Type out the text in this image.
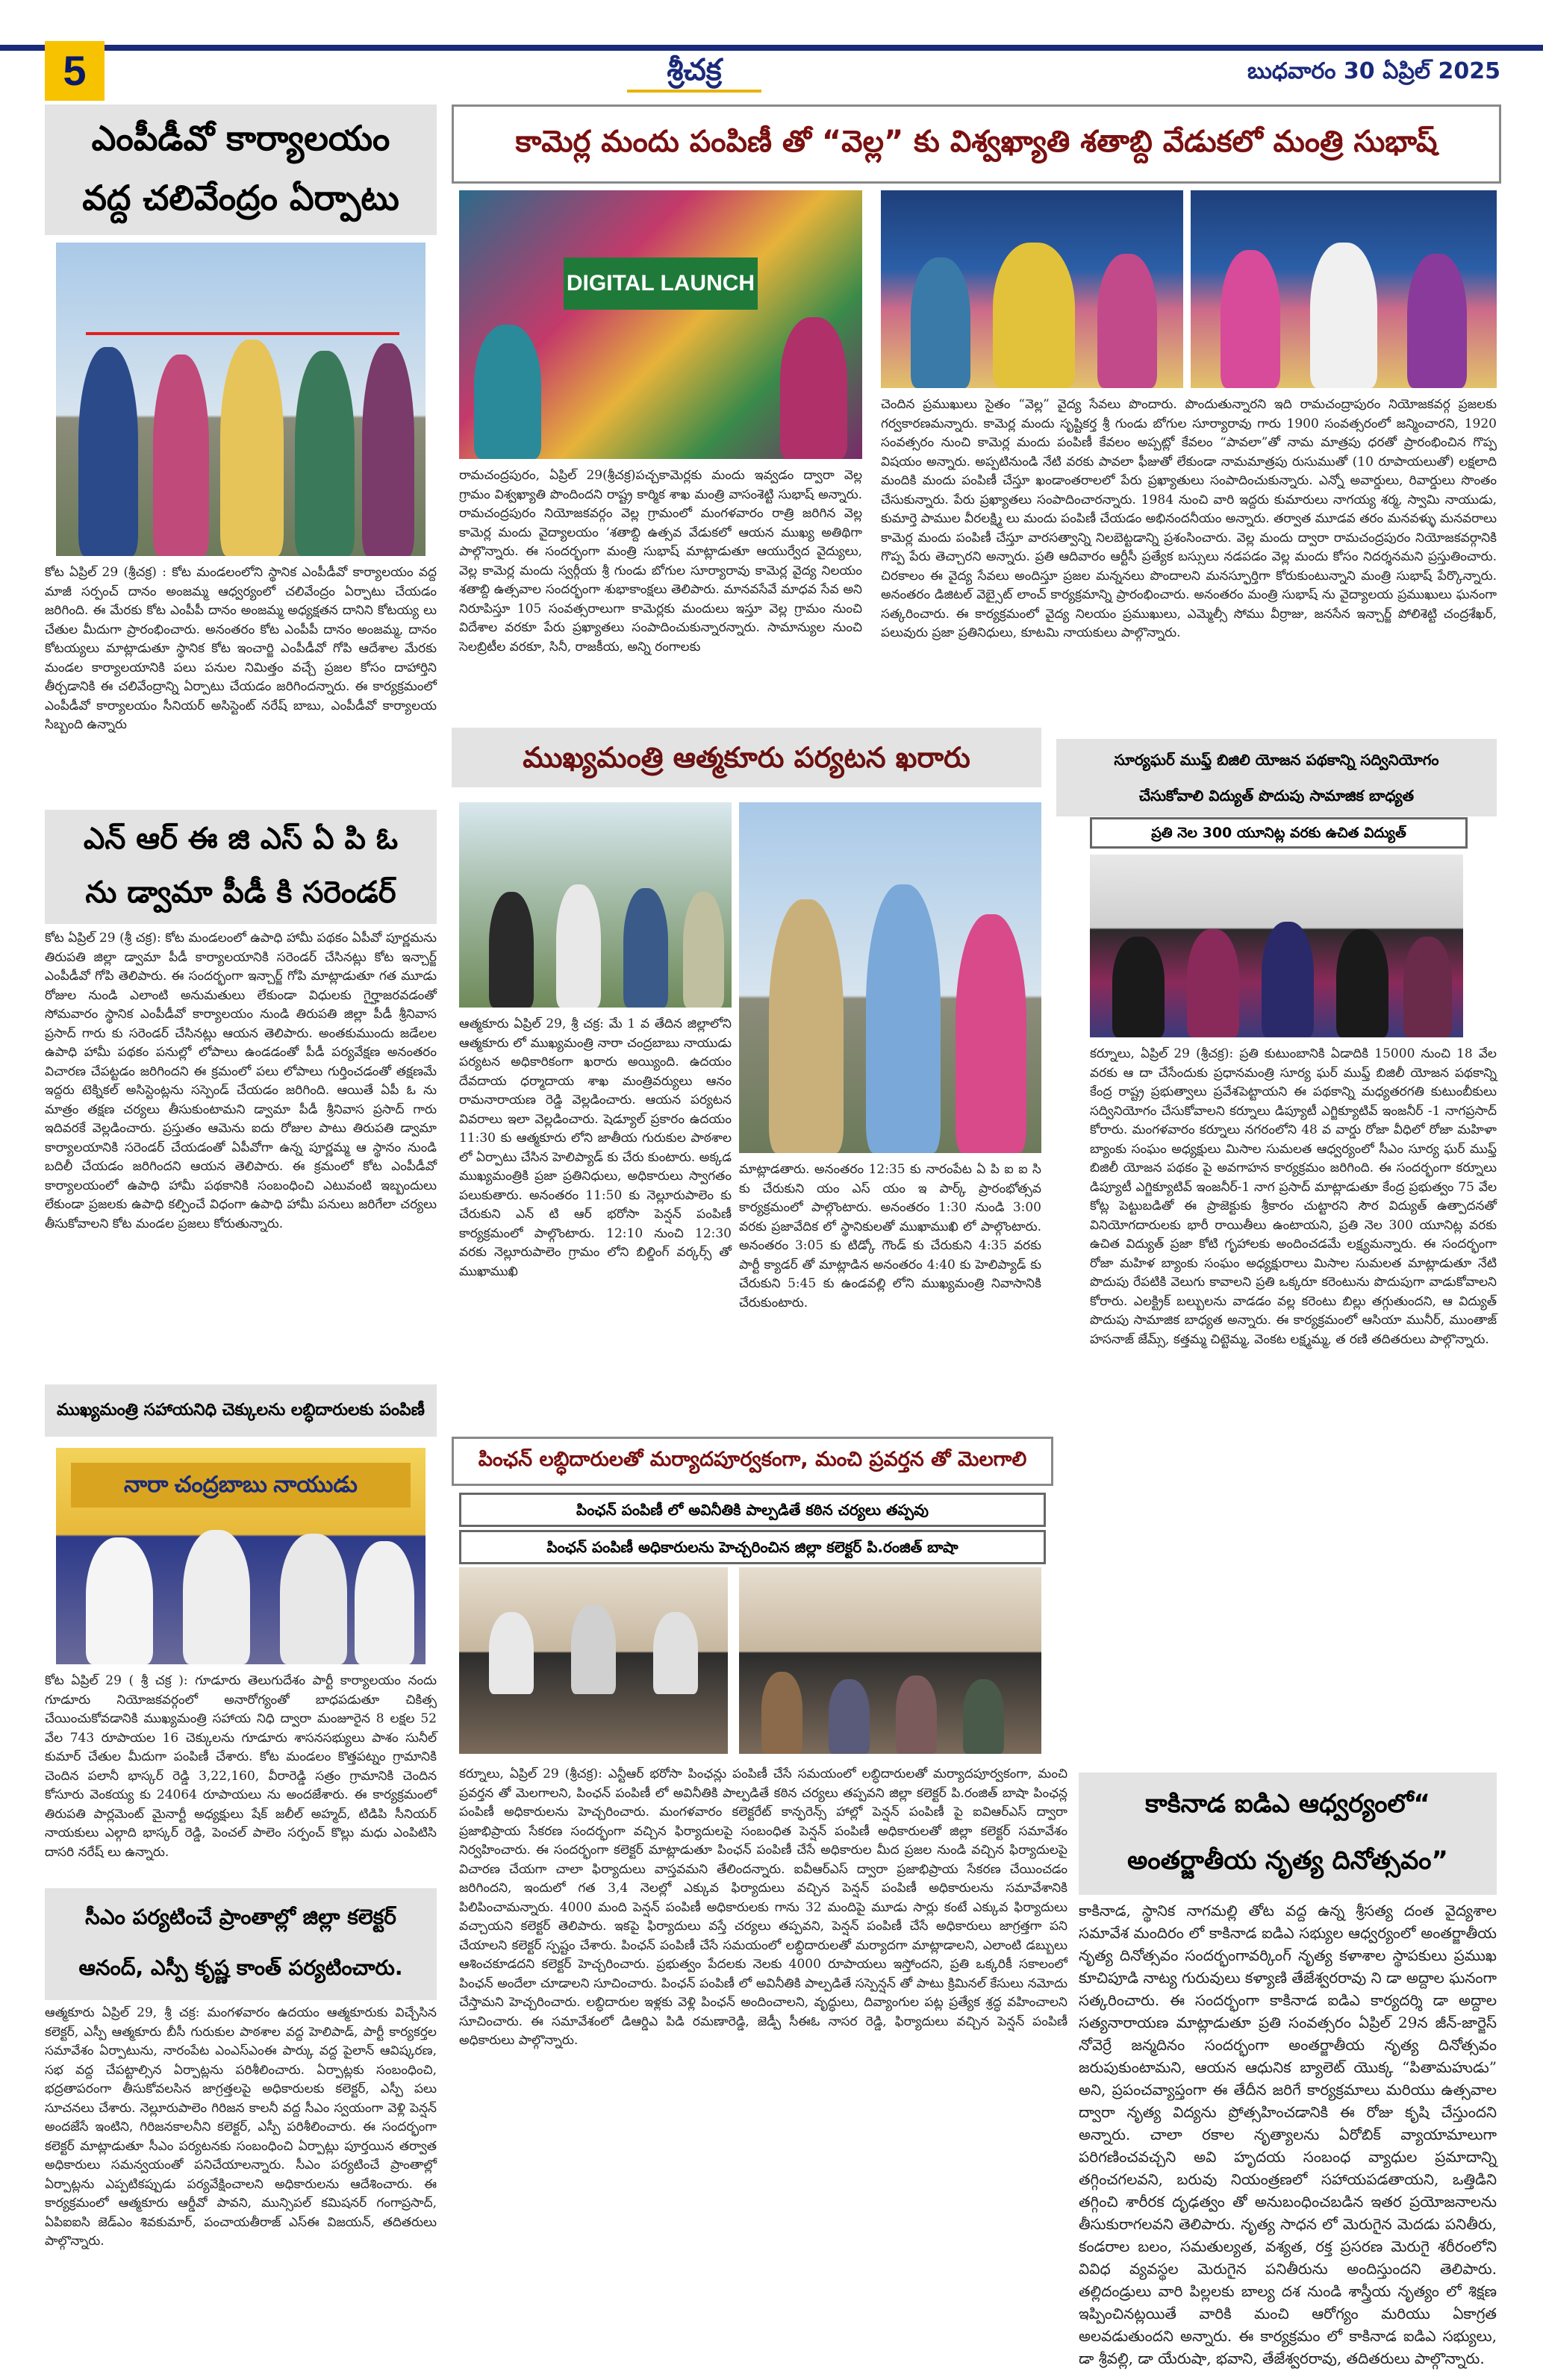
5	శ్రీచక్ర	బుధవారం 30 ఏప్రిల్ 2025
ఎంపీడీవో కార్యాలయం
వద్ద చలివేంద్రం ఏర్పాటు
కోట ఏప్రిల్ 29 (శ్రీచక్ర) : కోట మండలంలోని స్థానిక ఎంపీడీవో కార్యాలయం వద్ద మాజీ సర్పంచ్ దానం అంజమ్మ ఆధ్వర్యంలో చలివేంద్రం ఏర్పాటు చేయడం జరిగింది. ఈ మేరకు కోట ఎంపీపీ దానం అంజమ్మ అధ్యక్షతన దానిని కోటయ్య లు చేతుల మీదుగా ప్రారంభించారు. అనంతరం కోట ఎంపీపీ దానం అంజమ్మ, దానం కోటయ్యలు మాట్లాడుతూ స్థానిక కోట ఇంచార్జి ఎంపీడీవో గోపి ఆదేశాల మేరకు మండల కార్యాలయానికి పలు పనుల నిమిత్తం వచ్చే ప్రజల కోసం దాహార్తిని తీర్చడానికి ఈ చలివేంద్రాన్ని ఏర్పాటు చేయడం జరిగిందన్నారు. ఈ కార్యక్రమంలో ఎంపీడీవో కార్యాలయం సీనియర్ అసిస్టెంట్ నరేష్ బాబు, ఎంపీడీవో కార్యాలయ సిబ్బంది ఉన్నారు
ఎన్ ఆర్ ఈ జి ఎస్ ఏ పి ఓ
ను డ్వామా పీడీ కి సరెండర్
కోట ఏప్రిల్ 29 (శ్రీ చక్ర): కోట మండలంలో ఉపాధి హామీ పథకం ఏపీవో పూర్ణమను తిరుపతి జిల్లా డ్వామా పీడీ కార్యాలయానికి సరెండర్ చేసినట్లు కోట ఇన్చార్జ్ ఎంపీడీవో గోపి తెలిపారు. ఈ సందర్భంగా ఇన్చార్జ్ గోపి మాట్లాడుతూ గత మూడు రోజుల నుండి ఎలాంటి అనుమతులు లేకుండా విధులకు గైర్హాజరవడంతో సోమవారం స్థానిక ఎంపీడీవో కార్యాలయం నుండి తిరుపతి జిల్లా పీడీ శ్రీనివాస ప్రసాద్ గారు కు సరెండర్ చేసినట్లు ఆయన తెలిపారు. అంతకుముందు జడేలల ఉపాధి హామీ పథకం పనుల్లో లోపాలు ఉండడంతో పీడీ పర్యవేక్షణ అనంతరం విచారణ చేపట్టడం జరిగిందని ఈ క్రమంలో పలు లోపాలు గుర్తించడంతో తక్షణమే ఇద్దరు టెక్నికల్ అసిస్టెంట్లను సస్పెండ్ చేయడం జరిగింది. ఆయితే ఏపీ ఓ ను మాత్రం తక్షణ చర్యలు తీసుకుంటామని డ్వామా పీడీ శ్రీనివాస ప్రసాద్ గారు ఇదివరకే వెల్లడించారు. ప్రస్తుతం ఆమెను ఐదు రోజుల పాటు తిరుపతి డ్వామా కార్యాలయానికి సరెండర్ చేయడంతో ఏపీవోగా ఉన్న పూర్ణమ్మ ఆ స్థానం నుండి బదిలీ చేయడం జరిగిందని ఆయన తెలిపారు. ఈ క్రమంలో కోట ఎంపీడీవో కార్యాలయంలో ఉపాధి హామీ పథకానికి సంబంధించి ఎటువంటి ఇబ్బందులు లేకుండా ప్రజలకు ఉపాధి కల్పించే విధంగా ఉపాధి హామీ పనులు జరిగేలా చర్యలు తీసుకోవాలని కోట మండల ప్రజలు కోరుతున్నారు.
ముఖ్యమంత్రి సహాయనిధి చెక్కులను లబ్ధిదారులకు పంపిణీ
నారా చంద్రబాబు నాయుడు
కోట ఏప్రిల్ 29 ( శ్రీ చక్ర ): గూడూరు తెలుగుదేశం పార్టీ కార్యాలయం నందు గూడూరు నియోజకవర్గంలో అనారోగ్యంతో బాధపడుతూ చికిత్స చేయించుకోవడానికి ముఖ్యమంత్రి సహాయ నిధి ద్వారా మంజూరైన 8 లక్షల 52 వేల 743 రూపాయల 16 చెక్కులను గూడూరు శాసనసభ్యులు పాశం సునీల్ కుమార్ చేతుల మీదుగా పంపిణీ చేశారు. కోట మండలం కొత్తపట్నం గ్రామానికి చెందిన పలానీ భాస్కర్ రెడ్డి 3,22,160, వీరారెడ్డి సత్రం గ్రామానికి చెందిన కోసూరు వెంకయ్య కు 24064 రూపాయలు ను అందజేశారు. ఈ కార్యక్రమంలో తిరుపతి పార్లమెంట్ మైనార్టీ అధ్యక్షులు షేక్ జలీల్ అహ్మద్, టిడిపి సీనియర్ నాయకులు ఎల్గాది భాస్కర్ రెడ్డి, పెంచల్ పాలెం సర్పంచ్ కొల్లు మధు ఎంపిటిసి దాసరి నరేష్ లు ఉన్నారు.
సీఎం పర్యటించే ప్రాంతాల్లో జిల్లా కలెక్టర్
ఆనంద్, ఎస్పీ కృష్ణ కాంత్ పర్యటించారు.
ఆత్మకూరు ఏప్రిల్ 29, శ్రీ చక్ర: మంగళవారం ఉదయం ఆత్మకూరుకు విచ్చేసిన కలెక్టర్, ఎస్పీ ఆత్మకూరు బీసీ గురుకుల పాఠశాల వద్ద హెలిపాడ్, పార్టీ కార్యకర్తల సమావేశం ఏర్పాటును, నారంపేట ఎంఎస్ఎంఈ పార్కు వద్ద పైలాన్ ఆవిష్కరణ, సభ వద్ద చేపట్టాల్సిన ఏర్పాట్లను పరిశీలించారు. ఏర్పాట్లకు సంబంధించి, భద్రతాపరంగా తీసుకోవలసిన జాగ్రత్తలపై అధికారులకు కలెక్టర్, ఎస్పీ పలు సూచనలు చేశారు. నెల్లూరుపాలెం గిరిజన కాలనీ వద్ద సీఎం స్వయంగా వెళ్లి పెన్షన్ అందజేసే ఇంటిని, గిరిజనకాలనీని కలెక్టర్, ఎస్పీ పరిశీలించారు. ఈ సందర్భంగా కలెక్టర్ మాట్లాడుతూ సీఎం పర్యటనకు సంబంధించి ఏర్పాట్లు పూర్తయిన తర్వాత అధికారులు సమన్వయంతో పనిచేయాలన్నారు. సీఎం పర్యటించే ప్రాంతాల్లో ఏర్పాట్లను ఎప్పటికప్పుడు పర్యవేక్షించాలని అధికారులను ఆదేశించారు. ఈ కార్యక్రమంలో ఆత్మకూరు ఆర్డీవో పావని, మున్సిపల్ కమిషనర్ గంగాప్రసాద్, ఏపిఐఐసి జెడ్ఎం శివకుమార్, పంచాయతీరాజ్ ఎస్ఈ విజయన్, తదితరులు పాల్గొన్నారు.
కామెర్ల మందు పంపిణీ తో “వెల్ల” కు విశ్వఖ్యాతి శతాబ్ది వేడుకలో మంత్రి సుభాష్
DIGITAL LAUNCH
రామచంద్రపురం, ఏప్రిల్ 29(శ్రీచక్ర)పచ్చకామెర్లకు మందు ఇవ్వడం ద్వారా వెల్ల గ్రామం విశ్వఖ్యాతి పొందిందని రాష్ట్ర కార్మిక శాఖ మంత్రి వాసంశెట్టి సుభాష్ అన్నారు. రామచంద్రపురం నియోజకవర్గం వెల్ల గ్రామంలో మంగళవారం రాత్రి జరిగిన వెల్ల కామెర్ల మందు వైద్యాలయం ‘శతాబ్ది ఉత్సవ వేడుకలో ఆయన ముఖ్య అతిథిగా పాల్గొన్నారు. ఈ సందర్భంగా మంత్రి సుభాష్ మాట్లాడుతూ ఆయుర్వేద వైద్యులు, వెల్ల కామెర్ల మందు స్వర్గీయ శ్రీ గుండు బోగుల సూర్యారావు కామెర్ల వైద్య నిలయం శతాబ్ది ఉత్సవాల సందర్భంగా శుభాకాంక్షలు తెలిపారు. మానవసేవే మాధవ సేవ అని నిరూపిస్తూ 105 సంవత్సరాలుగా కామెర్లకు మందులు ఇస్తూ వెల్ల గ్రామం నుంచి విదేశాల వరకూ పేరు ప్రఖ్యాతలు సంపాదించుకున్నారన్నారు. సామాన్యుల నుంచి సెలబ్రిటీల వరకూ, సినీ, రాజకీయ, అన్ని రంగాలకు
చెందిన ప్రముఖులు సైతం “వెల్ల” వైద్య సేవలు పొందారు. పొందుతున్నారని ఇది రామచంద్రాపురం నియోజకవర్గ ప్రజలకు గర్వకారణమన్నారు. కామెర్ల మందు సృష్టికర్త శ్రీ గుండు బోగుల సూర్యారావు గారు 1900 సంవత్సరంలో జన్మించారని, 1920 సంవత్సరం నుంచి కామెర్ల మందు పంపిణీ కేవలం అప్పట్లో కేవలం “పావలా”తో నామ మాత్రపు ధరతో ప్రారంభించిన గొప్ప విషయం అన్నారు. అప్పటినుండి నేటి వరకు పావలా ఫీజుతో లేకుండా నామమాత్రపు రుసుముతో (10 రూపాయలుతో) లక్షలాది మందికి మందు పంపిణీ చేస్తూ ఖండాంతరాలలో పేరు ప్రఖ్యాతులు సంపాదించుకున్నారు. ఎన్నో అవార్డులు, రివార్డులు సొంతం చేసుకున్నారు. పేరు ప్రఖ్యాతలు సంపాదించారన్నారు. 1984 నుంచి వారి ఇద్దరు కుమారులు నాగయ్య శర్మ, స్వామి నాయుడు, కుమార్తె పాముల వీరలక్ష్మి లు మందు పంపిణీ చేయడం అభినందనీయం అన్నారు. తర్వాత మూడవ తరం మనవళ్ళు మనవరాలు కామెర్ల మందు పంపిణీ చేస్తూ వారసత్వాన్ని నిలబెట్టడాన్ని ప్రశంసించారు. వెల్ల మందు ద్వారా రామచంద్రపురం నియోజకవర్గానికి గొప్ప పేరు తెచ్చారని అన్నారు. ప్రతి ఆదివారం ఆర్టీసీ ప్రత్యేక బస్సులు నడపడం వెల్ల మందు కోసం నిదర్శనమని ప్రస్తుతించారు. చిరకాలం ఈ వైద్య సేవలు అందిస్తూ ప్రజల మన్ననలు పొందాలని మనస్ఫూర్తిగా కోరుకుంటున్నాని మంత్రి సుభాష్ పేర్కొన్నారు. అనంతరం డిజిటల్ వెబ్సైట్ లాంచ్ కార్యక్రమాన్ని ప్రారంభించారు. అనంతరం మంత్రి సుభాష్ ను వైద్యాలయ ప్రముఖులు ఘనంగా సత్కరించారు. ఈ కార్యక్రమంలో వైద్య నిలయం ప్రముఖులు, ఎమ్మెల్సీ సోము వీర్రాజు, జనసేన ఇన్చార్జ్ పోలిశెట్టి చంద్రశేఖర్, పలువురు ప్రజా ప్రతినిధులు, కూటమి నాయకులు పాల్గొన్నారు.
ముఖ్యమంత్రి ఆత్మకూరు పర్యటన ఖరారు
ఆత్మకూరు ఏప్రిల్ 29, శ్రీ చక్ర: మే 1 వ తేదిన జిల్లాలోని ఆత్మకూరు లో ముఖ్యమంత్రి నారా చంద్రబాబు నాయుడు పర్యటన అధికారికంగా ఖరారు అయ్యింది. ఉదయం దేవదాయ ధర్మాదాయ శాఖ మంత్రివర్యులు ఆనం రామనారాయణ రెడ్డి వెల్లడించారు. ఆయన పర్యటన వివరాలు ఇలా వెల్లడించారు. షెడ్యూల్ ప్రకారం ఉదయం 11:30 కు ఆత్మకూరు లోని జాతీయ గురుకుల పాఠశాల లో ఏర్పాటు చేసిన హెలిప్యాడ్ కు చేరు కుంటారు. అక్కడ ముఖ్యమంత్రికి ప్రజా ప్రతినిధులు, అధికారులు స్వాగతం పలుకుతారు. అనంతరం 11:50 కు నెల్లూరుపాలెం కు చేరుకుని ఎన్ టి ఆర్ భరోసా పెన్షన్ పంపిణీ కార్యక్రమంలో పాల్గొంటారు. 12:10 నుంచి 12:30 వరకు నెల్లూరుపాలెం గ్రామం లోని బిల్డింగ్ వర్కర్స్ తో ముఖాముఖి
మాట్లాడతారు. అనంతరం 12:35 కు నారంపేట ఏ పి ఐ ఐ సి కు చేరుకుని యం ఎస్ యం ఇ పార్క్ ప్రారంభోత్సవ కార్యక్రమంలో పాల్గొంటారు. అనంతరం 1:30 నుండి 3:00 వరకు ప్రజావేదిక లో స్థానికులతో ముఖాముఖి లో పాల్గొంటారు. అనంతరం 3:05 కు టిడ్కో గౌండ్ కు చేరుకుని 4:35 వరకు పార్టీ క్యాడర్ తో మాట్లాడిన అనంతరం 4:40 కు హెలిప్యాడ్ కు చేరుకుని 5:45 కు ఉండవల్లి లోని ముఖ్యమంత్రి నివాసానికి చేరుకుంటారు.
సూర్యఘర్ ముఫ్త్ బిజిలి యోజన పథకాన్ని సద్వినియోగం
చేసుకోవాలి విద్యుత్ పొదుపు సామాజిక బాధ్యత
ప్రతి నెల 300 యూనిట్ల వరకు ఉచిత విద్యుత్
కర్నూలు, ఏప్రిల్ 29 (శ్రీచక్ర): ప్రతి కుటుంబానికి ఏడాదికి 15000 నుంచి 18 వేల వరకు ఆ దా చేసేందుకు ప్రధానమంత్రి సూర్య ఘర్ ముఫ్త్ బిజిలీ యోజన పథకాన్ని కేంద్ర రాష్ట్ర ప్రభుత్వాలు ప్రవేశపెట్టాయని ఈ పథకాన్ని మధ్యతరగతి కుటుంబీకులు సద్వినియోగం చేసుకోవాలని కర్నూలు డిప్యూటీ ఎగ్జిక్యూటివ్ ఇంజనీర్ -1 నాగప్రసాద్ కోరారు. మంగళవారం కర్నూలు నగరంలోని 48 వ వార్డు రోజా వీధిలో రోజా మహిళా బ్యాంకు సంఘం అధ్యక్షులు మిసాల సుమలత ఆధ్వర్యంలో సీఎం సూర్య ఘర్ ముఫ్త్ బిజిలీ యోజన పథకం పై అవగాహన కార్యక్రమం జరిగింది. ఈ సందర్భంగా కర్నూలు డిప్యూటీ ఎగ్జిక్యూటివ్ ఇంజనీర్-1 నాగ ప్రసాద్ మాట్లాడుతూ కేంద్ర ప్రభుత్వం 75 వేల కోట్ల పెట్టుబడితో ఈ ప్రాజెక్టుకు శ్రీకారం చుట్టారని సౌర విద్యుత్ ఉత్పాదనతో వినియోగదారులకు భారీ రాయితీలు ఉంటాయని, ప్రతి నెల 300 యూనిట్ల వరకు ఉచిత విద్యుత్ ప్రజా కోటి గృహాలకు అందించడమే లక్ష్యమన్నారు. ఈ సందర్భంగా రోజా మహిళ బ్యాంకు సంఘం అధ్యక్షురాలు మిసాల సుమలత మాట్లాడుతూ నేటి పొదుపు రేపటికి వెలుగు కావాలని ప్రతి ఒక్కరూ కరెంటును పొదుపుగా వాడుకోవాలని కోరారు. ఎలక్ట్రిక్ బల్బులను వాడడం వల్ల కరెంటు బిల్లు తగ్గుతుందని, ఆ విద్యుత్ పొదుపు సామాజిక బాధ్యత అన్నారు. ఈ కార్యక్రమంలో ఆసియా మునీర్, ముంతాజ్ హసనాజ్ జేమ్స్, కత్తమ్మ చిట్టెమ్మ, వెంకట లక్ష్మమ్మ, త రణి తదితరులు పాల్గొన్నారు.
పింఛన్ లబ్ధిదారులతో మర్యాదపూర్వకంగా, మంచి ప్రవర్తన తో మెలగాలి
పింఛన్ పంపిణీ లో అవినీతికి పాల్పడితే కఠిన చర్యలు తప్పవు
పింఛన్ పంపిణీ అధికారులను హెచ్చరించిన జిల్లా కలెక్టర్ పి.రంజిత్ బాషా
కర్నూలు, ఏప్రిల్ 29 (శ్రీచక్ర): ఎన్టీఆర్ భరోసా పింఛన్లు పంపిణీ చేసే సమయంలో లబ్ధిదారులతో మర్యాదపూర్వకంగా, మంచి ప్రవర్తన తో మెలగాలని, పింఛన్ పంపిణీ లో అవినీతికి పాల్పడితే కఠిన చర్యలు తప్పవని జిల్లా కలెక్టర్ పి.రంజిత్ బాషా పింఛన్ల పంపిణీ అధికారులను హెచ్చరించారు. మంగళవారం కలెక్టరేట్ కాన్ఫరెన్స్ హాల్లో పెన్షన్ పంపిణీ పై ఐవిఆర్ఎస్ ద్వారా ప్రజాభిప్రాయ సేకరణ సందర్భంగా వచ్చిన ఫిర్యాదులపై సంబంధిత పెన్షన్ పంపిణీ అధికారులతో జిల్లా కలెక్టర్ సమావేశం నిర్వహించారు. ఈ సందర్భంగా కలెక్టర్ మాట్లాడుతూ పింఛన్ పంపిణీ చేసే అధికారుల మీద ప్రజల నుండి వచ్చిన ఫిర్యాదులపై విచారణ చేయగా చాలా ఫిర్యాదులు వాస్తవమని తేలిందన్నారు. ఐవీఆర్ఎస్ ద్వారా ప్రజాభిప్రాయ సేకరణ చేయించడం జరిగిందని, ఇందులో గత 3,4 నెలల్లో ఎక్కువ ఫిర్యాదులు వచ్చిన పెన్షన్ పంపిణీ అధికారులను సమావేశానికి పిలిపించామన్నారు. 4000 మంది పెన్షన్ పంపిణీ అధికారులకు గాను 32 మందిపై మూడు సార్లు కంటే ఎక్కువ ఫిర్యాదులు వచ్చాయని కలెక్టర్ తెలిపారు. ఇకపై ఫిర్యాదులు వస్తే చర్యలు తప్పవని, పెన్షన్ పంపిణీ చేసే అధికారులు జాగ్రత్తగా పని చేయాలని కలెక్టర్ స్పష్టం చేశారు. పింఛన్ పంపిణీ చేసే సమయంలో లబ్ధిదారులతో మర్యాదగా మాట్లాడాలని, ఎలాంటి డబ్బులు ఆశించకూడదని కలెక్టర్ హెచ్చరించారు. ప్రభుత్వం పేదలకు నెలకు 4000 రూపాయలు ఇస్తోందని, ప్రతి ఒక్కరికీ సకాలంలో పింఛన్ అందేలా చూడాలని సూచించారు. పింఛన్ పంపిణీ లో అవినీతికి పాల్పడితే సస్పెన్షన్ తో పాటు క్రిమినల్ కేసులు నమోదు చేస్తామని హెచ్చరించారు. లబ్ధిదారుల ఇళ్లకు వెళ్లి పింఛన్ అందించాలని, వృద్ధులు, దివ్యాంగుల పట్ల ప్రత్యేక శ్రద్ధ వహించాలని సూచించారు. ఈ సమావేశంలో డిఆర్డిఎ పిడి రమణారెడ్డి, జెడ్పీ సీఈఓ నాసర రెడ్డి, ఫిర్యాదులు వచ్చిన పెన్షన్ పంపిణీ అధికారులు పాల్గొన్నారు.
కాకినాడ ఐడిఎ ఆధ్వర్యంలో“
అంతర్జాతీయ నృత్య దినోత్సవం”
కాకినాడ, స్థానిక నాగమల్లి తోట వద్ద ఉన్న శ్రీసత్య దంత వైద్యశాల సమావేశ మందిరం లో కాకినాడ ఐడిఎ సభ్యుల ఆధ్వర్యంలో అంతర్జాతీయ నృత్య దినోత్సవం సందర్భంగావర్కింగ్ నృత్య కళాశాల స్థాపకులు ప్రముఖ కూచిపూడి నాట్య గురువులు కళ్యాణి తేజేశ్వరరావు ని డా అద్దాల ఘనంగా సత్కరించారు. ఈ సందర్భంగా కాకినాడ ఐడిఎ కార్యదర్శి డా అద్దాల సత్యనారాయణ మాట్లాడుతూ ప్రతి సంవత్సరం ఏప్రిల్ 29న జీన్-జార్జెస్ నోవెర్రే జన్మదినం సందర్భంగా అంతర్జాతీయ నృత్య దినోత్సవం జరుపుకుంటామని, ఆయన ఆధునిక బ్యాలెట్ యొక్క “పితామహుడు” అని, ప్రపంచవ్యాప్తంగా ఈ తేదీన జరిగే కార్యక్రమాలు మరియు ఉత్సవాల ద్వారా నృత్య విద్యను ప్రోత్సహించడానికి ఈ రోజు కృషి చేస్తుందని అన్నారు. చాలా రకాల నృత్యాలను ఏరోబిక్ వ్యాయామాలుగా పరిగణించవచ్చని అవి హృదయ సంబంధ వ్యాధుల ప్రమాదాన్ని తగ్గించగలవని, బరువు నియంత్రణలో సహాయపడతాయని, ఒత్తిడిని తగ్గించి శారీరక దృఢత్వం తో అనుబంధించబడిన ఇతర ప్రయోజనాలను తీసుకురాగలవని తెలిపారు. నృత్య సాధన లో మెరుగైన మెదడు పనితీరు, కండరాల బలం, సమతుల్యత, వశ్యత, రక్త ప్రసరణ మెరుగై శరీరంలోని వివిధ వ్యవస్థల మెరుగైన పనితీరును అందిస్తుందని తెలిపారు. తల్లిదండ్రులు వారి పిల్లలకు బాల్య దశ నుండి శాస్త్రీయ నృత్యం లో శిక్షణ ఇప్పించినట్లయితే వారికి మంచి ఆరోగ్యం మరియు ఏకాగ్రత అలవడుతుందని అన్నారు. ఈ కార్యక్రమం లో కాకినాడ ఐడిఎ సభ్యులు, డా శ్రీవల్లి, డా యేరుషా, భవాని, తేజేశ్వరరావు, తదితరులు పాల్గొన్నారు.
